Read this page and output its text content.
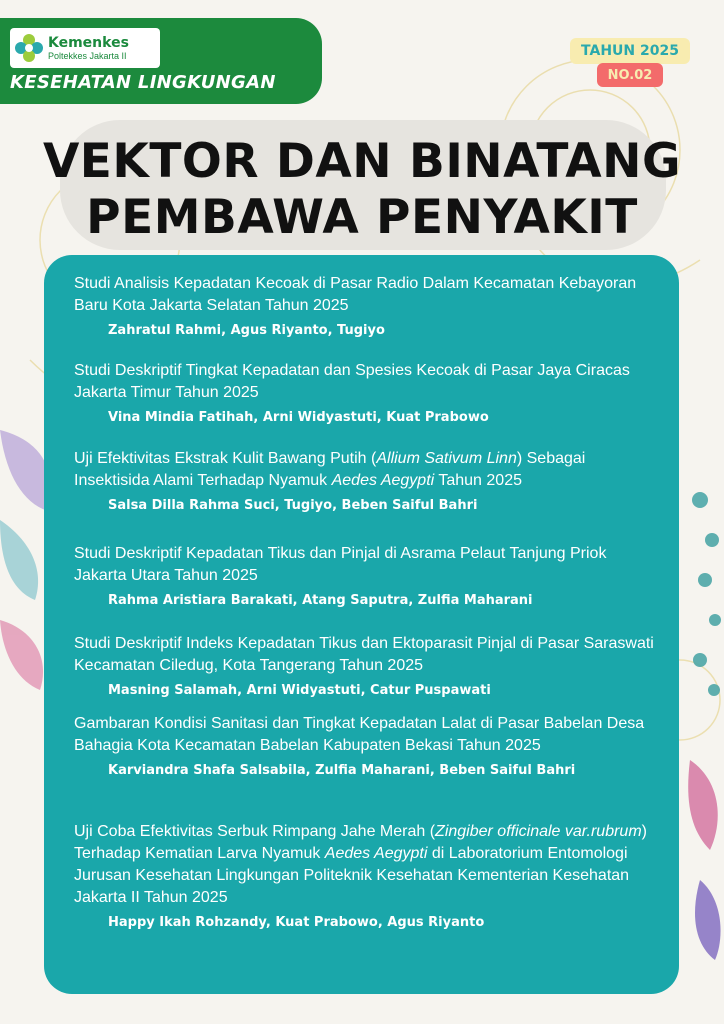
Kemenkes
Poltekkes Jakarta II
KESEHATAN LINGKUNGAN
TAHUN 2025
NO.02
VEKTOR DAN BINATANG
PEMBAWA PENYAKIT

Studi Analisis Kepadatan Kecoak di Pasar Radio Dalam Kecamatan Kebayoran Baru Kota Jakarta Selatan Tahun 2025

Zahratul Rahmi, Agus Riyanto, Tugiyo

Studi Deskriptif Tingkat Kepadatan dan Spesies Kecoak di Pasar Jaya Ciracas Jakarta Timur Tahun 2025

Vina Mindia Fatihah, Arni Widyastuti, Kuat Prabowo

Uji Efektivitas Ekstrak Kulit Bawang Putih (Allium Sativum Linn) Sebagai Insektisida Alami Terhadap Nyamuk Aedes Aegypti Tahun 2025

Salsa Dilla Rahma Suci, Tugiyo, Beben Saiful Bahri

Studi Deskriptif Kepadatan Tikus dan Pinjal di Asrama Pelaut Tanjung Priok Jakarta Utara Tahun 2025

Rahma Aristiara Barakati, Atang Saputra, Zulfia Maharani

Studi Deskriptif Indeks Kepadatan Tikus dan Ektoparasit Pinjal di Pasar Saraswati Kecamatan Ciledug, Kota Tangerang Tahun 2025

Masning Salamah, Arni Widyastuti, Catur Puspawati

Gambaran Kondisi Sanitasi dan Tingkat Kepadatan Lalat di Pasar Babelan Desa Bahagia Kota Kecamatan Babelan Kabupaten Bekasi Tahun 2025

Karviandra Shafa Salsabila, Zulfia Maharani, Beben Saiful Bahri

Uji Coba Efektivitas Serbuk Rimpang Jahe Merah (Zingiber officinale var.rubrum) Terhadap Kematian Larva Nyamuk Aedes Aegypti di Laboratorium Entomologi Jurusan Kesehatan Lingkungan Politeknik Kesehatan Kementerian Kesehatan Jakarta II Tahun 2025

Happy Ikah Rohzandy, Kuat Prabowo, Agus Riyanto
